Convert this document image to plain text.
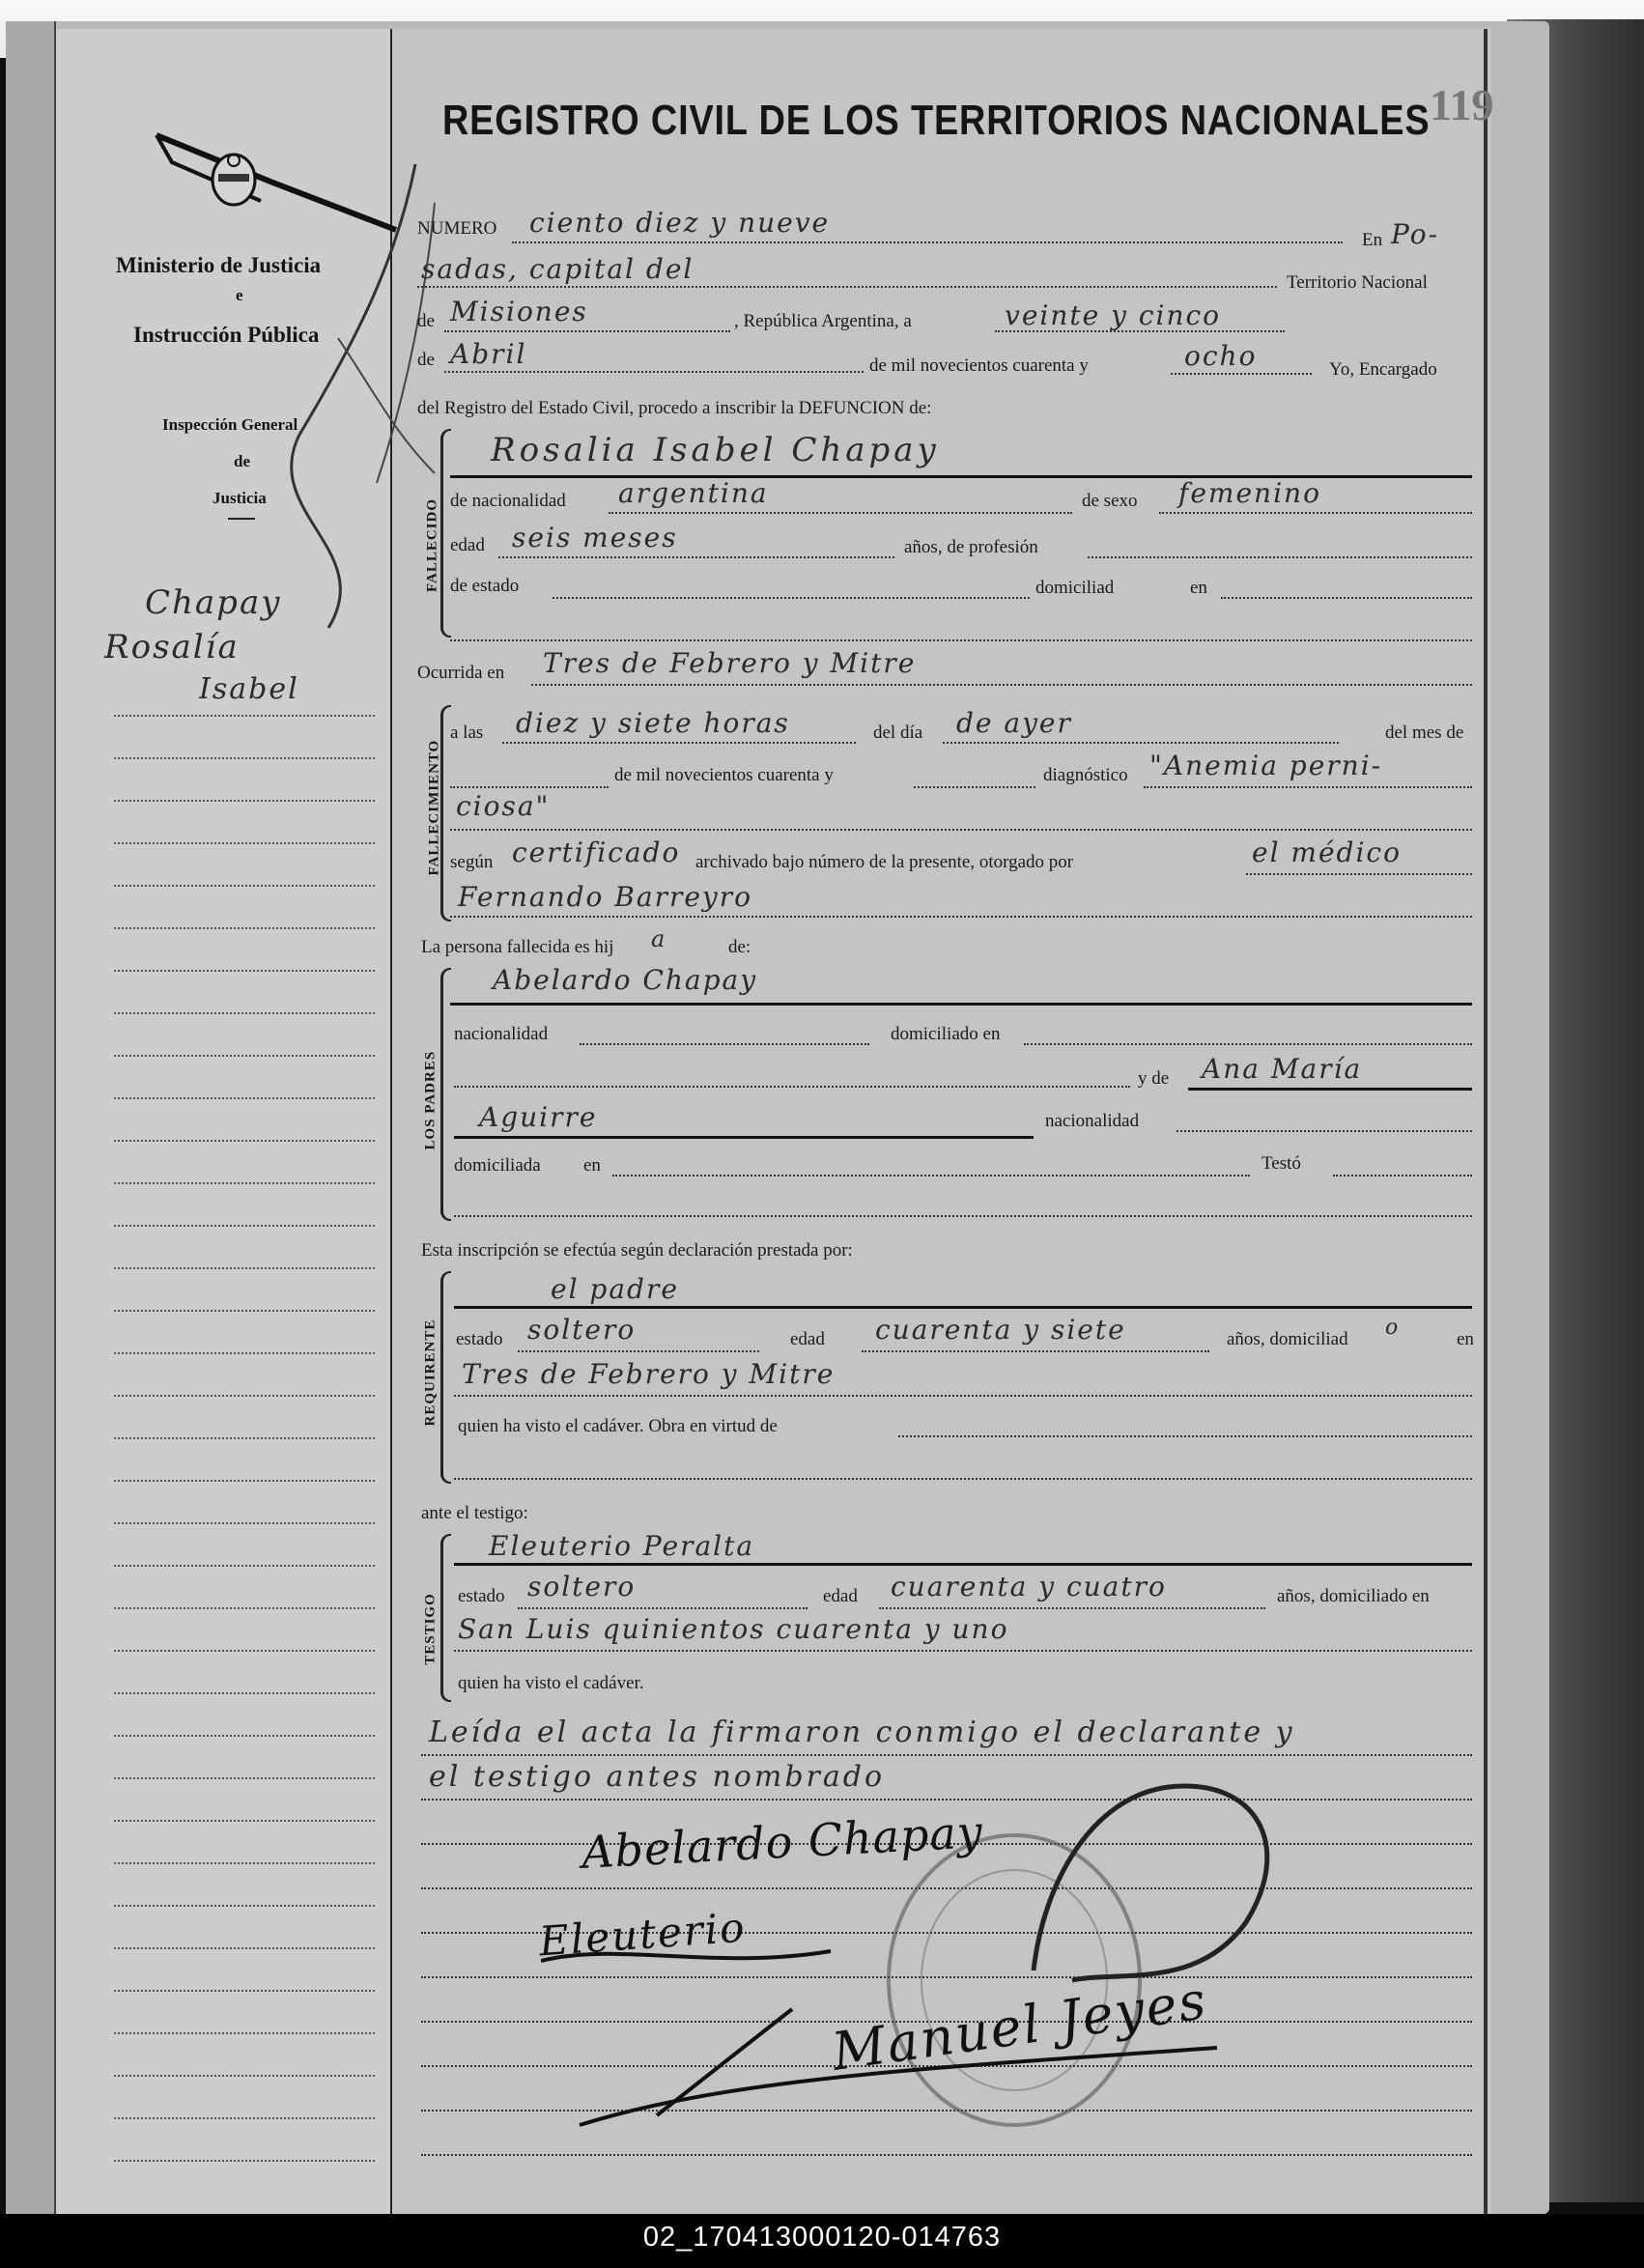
Ministerio de Justicia
e
Instrucción Pública
Inspección General
de
Justicia
Chapay
Rosalía
Isabel
REGISTRO CIVIL DE LOS TERRITORIOS NACIONALES 119
NUMERO ciento diez y nueve
En Po-
sadas, capital del	Territorio Nacional
de Misiones	, República Argentina, a	veinte y cinco
de Abril	de mil novecientos cuarenta y	ocho	Yo, Encargado
del Registro del Estado Civil, procedo a inscribir la DEFUNCION de:
FALLECIDO
Rosalia Isabel Chapay
de nacionalidad argentina	de sexo femenino
edad seis meses	años, de profesión
de estado	domiciliad	en
Ocurrida en Tres de Febrero y Mitre
FALLECIMIENTO
a las diez y siete horas	del día de ayer	del mes de
de mil novecientos cuarenta y	diagnóstico "Anemia perni-
ciosa"
según certificado archivado bajo número de la presente, otorgado por	el médico
Fernando Barreyro
La persona fallecida es hij a	de:
LOS PADRES
Abelardo Chapay
nacionalidad	domiciliado en
y de Ana María
Aguirre	nacionalidad
domiciliada en	Testó
Esta inscripción se efectúa según declaración prestada por:
REQUIRENTE
el padre
estado soltero	edad cuarenta y siete	años, domiciliad o	en
Tres de Febrero y Mitre
quien ha visto el cadáver. Obra en virtud de
ante el testigo:
TESTIGO
Eleuterio Peralta
estado soltero	edad cuarenta y cuatro	años, domiciliado en
San Luis quinientos cuarenta y uno
quien ha visto el cadáver.
Leída el acta la firmaron conmigo el declarante y
el testigo antes nombrado
Abelardo Chapay
Eleuterio
Manuel Jeyes
02_170413000120-014763
